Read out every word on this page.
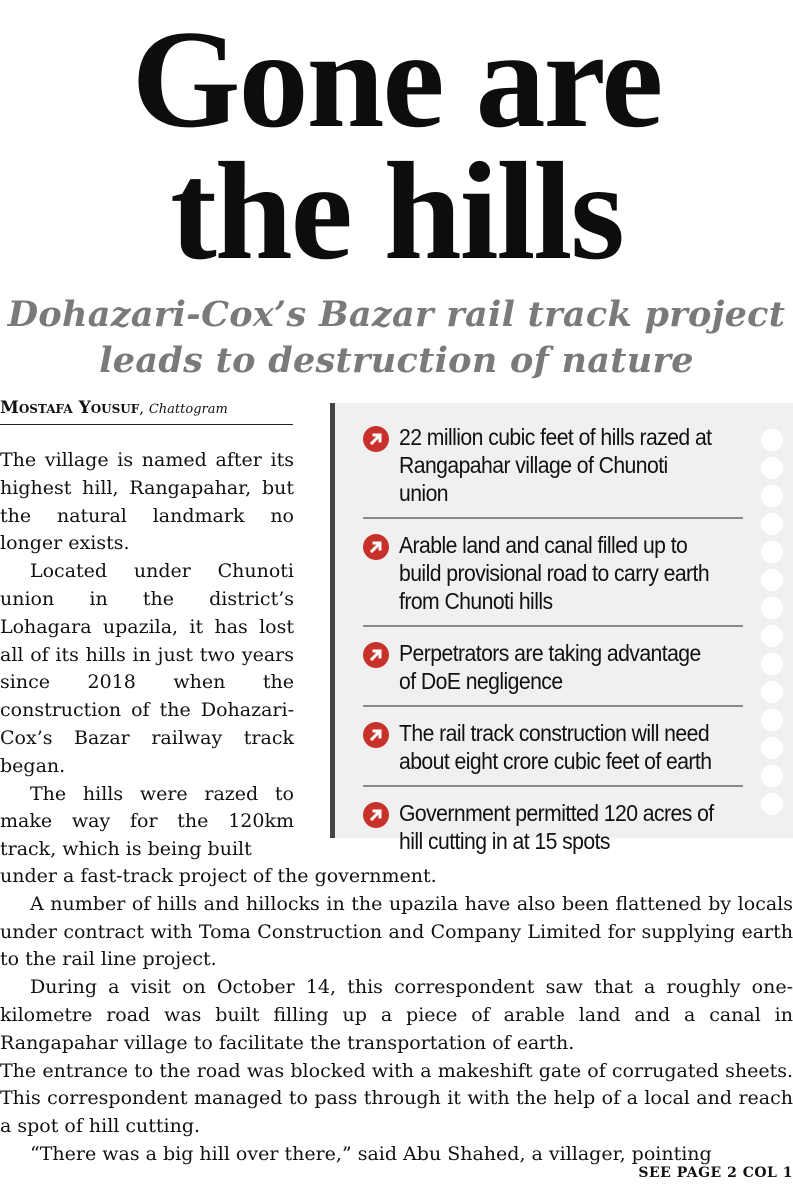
Gone are
the hills
Dohazari-Cox’s Bazar rail track project
leads to destruction of nature
Mostafa Yousuf, Chattogram

The village is named after its highest hill, Rangapahar, but the natural landmark no longer exists.

Located under Chunoti union in the district’s Lohagara upazila, it has lost all of its hills in just two years since 2018 when the construction of the Dohazari-Cox’s Bazar railway track began.

The hills were razed to make way for the 120km track, which is being built

22 million cubic feet of hills razed at Rangapahar village of Chunoti union
Arable land and canal filled up to build provisional road to carry earth from Chunoti hills
Perpetrators are taking advantage of DoE negligence
The rail track construction will need about eight crore cubic feet of earth
Government permitted 120 acres of hill cutting in at 15 spots

under a fast-track project of the government.

A number of hills and hillocks in the upazila have also been flattened by locals under contract with Toma Construction and Company Limited for supplying earth to the rail line project.

During a visit on October 14, this correspondent saw that a roughly one-kilometre road was built filling up a piece of arable land and a canal in Rangapahar village to facilitate the transportation of earth.

The entrance to the road was blocked with a makeshift gate of corrugated sheets. This correspondent managed to pass through it with the help of a local and reach a spot of hill cutting.

“There was a big hill over there,” said Abu Shahed, a villager, pointing

SEE PAGE 2 COL 1
